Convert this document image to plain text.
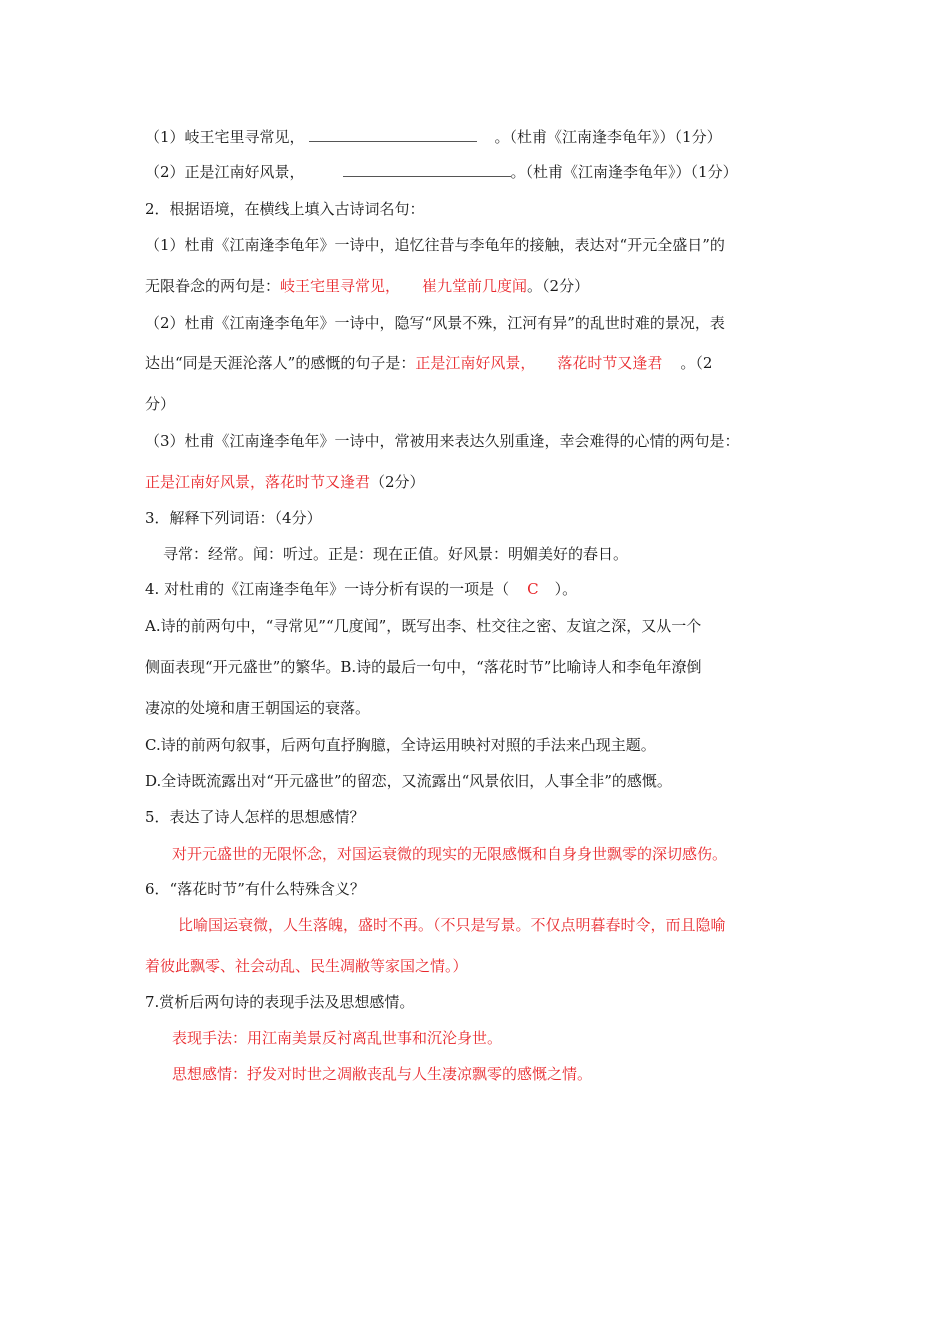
（1）岐王宅里寻常见，	。（杜甫《江南逢李龟年》）（1分）
（2）正是江南好风景，	。（杜甫《江南逢李龟年》）（1分）
2．根据语境，在横线上填入古诗词名句：
（1）杜甫《江南逢李龟年》一诗中，追忆往昔与李龟年的接触，表达对“开元全盛日”的
无限眷念的两句是：岐王宅里寻常见， 崔九堂前几度闻。（2分）
（2）杜甫《江南逢李龟年》一诗中，隐写“风景不殊，江河有异”的乱世时难的景况，表
达出“同是天涯沦落人”的感慨的句子是：正是江南好风景， 落花时节又逢君 。（2
分）
（3）杜甫《江南逢李龟年》一诗中，常被用来表达久别重逢，幸会难得的心情的两句是：
正是江南好风景，落花时节又逢君（2分）
3．解释下列词语：（4分）
寻常：经常。闻：听过。正是：现在正值。好风景：明媚美好的春日。
4. 对杜甫的《江南逢李龟年》一诗分析有误的一项是（ C ）。
A.诗的前两句中，“寻常见”“几度闻”，既写出李、杜交往之密、友谊之深，又从一个
侧面表现“开元盛世”的繁华。B.诗的最后一句中，“落花时节”比喻诗人和李龟年潦倒
凄凉的处境和唐王朝国运的衰落。
C.诗的前两句叙事，后两句直抒胸臆，全诗运用映衬对照的手法来凸现主题。
D.全诗既流露出对“开元盛世”的留恋，又流露出“风景依旧，人事全非”的感慨。
5．表达了诗人怎样的思想感情？
对开元盛世的无限怀念，对国运衰微的现实的无限感慨和自身身世飘零的深切感伤。
6．“落花时节”有什么特殊含义？
比喻国运衰微，人生落魄，盛时不再。（不只是写景。不仅点明暮春时令，而且隐喻
着彼此飘零、社会动乱、民生凋敝等家国之情。）
7.赏析后两句诗的表现手法及思想感情。
表现手法：用江南美景反衬离乱世事和沉沦身世。
思想感情：抒发对时世之凋敝丧乱与人生凄凉飘零的感慨之情。
